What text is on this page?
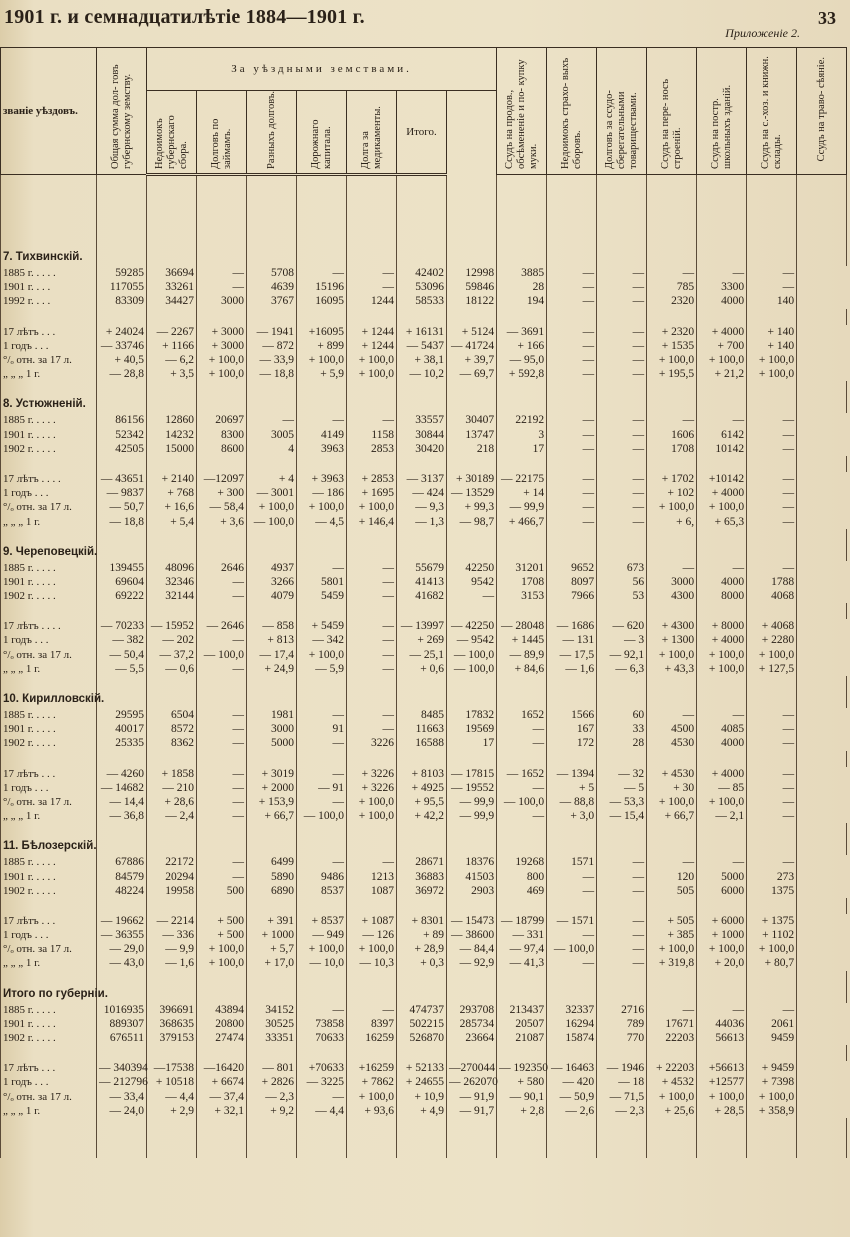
1901 г. и семнадцатилѣтіе 1884—1901 г.
Приложеніе 2.
33
званіе уѣздовъ.	Общая сумма дол- говъ губернскому земству.	За уѣздными земствами.							Ссудъ на продов., обсѣмененіе и по- купку муки.	Недоимокъ страхо- выхъ сборовъ.	Долговъ за ссудо- сберегательными товариществами.	Ссудъ на пере- носъ строеній.	Ссудъ на постр. школьныхъ зданій.	Ссудъ на с.-хоз. и книжн. склады.	Ссудъ на траво- сѣяніе.
		Недоимокъ губернскаго сбора.	Долговъ по займамъ.	Разныхъ долговъ.	Дорожнаго капитала.	Долга за медикаменты.	Итого.								

7. Тихвинскій.															
1885 г. . . . .	59285	36694	—	5708	—	—	42402	12998	3885	—	—	—	—	—	
1901 г. . . .	117055	33261	—	4639	15196	—	53096	59846	28	—	—	785	3300	—	
1992 г. . . .	83309	34427	3000	3767	16095	1244	58533	18122	194	—	—	2320	4000	140	

17 лѣтъ . . .	+ 24024	— 2267	+ 3000	— 1941	+16095	+ 1244	+ 16131	+ 5124	— 3691	—	—	+ 2320	+ 4000	+ 140	
1 годъ . . .	— 33746	+ 1166	+ 3000	— 872	+ 899	+ 1244	— 5437	— 41724	+ 166	—	—	+ 1535	+ 700	+ 140	
°/ₒ отн. за 17 л.	+ 40,5	— 6,2	+ 100,0	— 33,9	+ 100,0	+ 100,0	+ 38,1	+ 39,7	— 95,0	—	—	+ 100,0	+ 100,0	+ 100,0	
„ „ „ 1 г.	— 28,8	+ 3,5	+ 100,0	— 18,8	+ 5,9	+ 100,0	— 10,2	— 69,7	+ 592,8	—	—	+ 195,5	+ 21,2	+ 100,0	
8. Устюжненій.															
1885 г. . . . .	86156	12860	20697	—	—	—	33557	30407	22192	—	—	—	—	—	
1901 г. . . . .	52342	14232	8300	3005	4149	1158	30844	13747	3	—	—	1606	6142	—	
1902 г. . . . .	42505	15000	8600	4	3963	2853	30420	218	17	—	—	1708	10142	—	

17 лѣтъ . . . .	— 43651	+ 2140	—12097	+ 4	+ 3963	+ 2853	— 3137	+ 30189	— 22175	—	—	+ 1702	+10142	—	
1 годъ . . .	— 9837	+ 768	+ 300	— 3001	— 186	+ 1695	— 424	— 13529	+ 14	—	—	+ 102	+ 4000	—	
°/ₒ отн. за 17 л.	— 50,7	+ 16,6	— 58,4	+ 100,0	+ 100,0	+ 100,0	— 9,3	+ 99,3	— 99,9	—	—	+ 100,0	+ 100,0	—	
„ „ „ 1 г.	— 18,8	+ 5,4	+ 3,6	— 100,0	— 4,5	+ 146,4	— 1,3	— 98,7	+ 466,7	—	—	+ 6,	+ 65,3	—	
9. Череповецкій.															
1885 г. . . . .	139455	48096	2646	4937	—	—	55679	42250	31201	9652	673	—	—	—	
1901 г. . . . .	69604	32346	—	3266	5801	—	41413	9542	1708	8097	56	3000	4000	1788	
1902 г. . . . .	69222	32144	—	4079	5459	—	41682	—	3153	7966	53	4300	8000	4068	

17 лѣтъ . . . .	— 70233	— 15952	— 2646	— 858	+ 5459	—	— 13997	— 42250	— 28048	— 1686	— 620	+ 4300	+ 8000	+ 4068	
1 годъ . . .	— 382	— 202	—	+ 813	— 342	—	+ 269	— 9542	+ 1445	— 131	— 3	+ 1300	+ 4000	+ 2280	
°/ₒ отн. за 17 л.	— 50,4	— 37,2	— 100,0	— 17,4	+ 100,0	—	— 25,1	— 100,0	— 89,9	— 17,5	— 92,1	+ 100,0	+ 100,0	+ 100,0	
„ „ „ 1 г.	— 5,5	— 0,6	—	+ 24,9	— 5,9	—	+ 0,6	— 100,0	+ 84,6	— 1,6	— 6,3	+ 43,3	+ 100,0	+ 127,5	
10. Кирилловскій.															
1885 г. . . . .	29595	6504	—	1981	—	—	8485	17832	1652	1566	60	—	—	—	
1901 г. . . . .	40017	8572	—	3000	91	—	11663	19569	—	167	33	4500	4085	—	
1902 г. . . . .	25335	8362	—	5000	—	3226	16588	17	—	172	28	4530	4000	—	

17 лѣтъ . . .	— 4260	+ 1858	—	+ 3019	—	+ 3226	+ 8103	— 17815	— 1652	— 1394	— 32	+ 4530	+ 4000	—	
1 годъ . . .	— 14682	— 210	—	+ 2000	— 91	+ 3226	+ 4925	— 19552	—	+ 5	— 5	+ 30	— 85	—	
°/ₒ отн. за 17 л.	— 14,4	+ 28,6	—	+ 153,9	—	+ 100,0	+ 95,5	— 99,9	— 100,0	— 88,8	— 53,3	+ 100,0	+ 100,0	—	
„ „ „ 1 г.	— 36,8	— 2,4	—	+ 66,7	— 100,0	+ 100,0	+ 42,2	— 99,9	—	+ 3,0	— 15,4	+ 66,7	— 2,1	—	
11. Бѣлозерскій.															
1885 г. . . . .	67886	22172	—	6499	—	—	28671	18376	19268	1571	—	—	—	—	
1901 г. . . . .	84579	20294	—	5890	9486	1213	36883	41503	800	—	—	120	5000	273	
1902 г. . . . .	48224	19958	500	6890	8537	1087	36972	2903	469	—	—	505	6000	1375	

17 лѣтъ . . .	— 19662	— 2214	+ 500	+ 391	+ 8537	+ 1087	+ 8301	— 15473	— 18799	— 1571	—	+ 505	+ 6000	+ 1375	
1 годъ . . .	— 36355	— 336	+ 500	+ 1000	— 949	— 126	+ 89	— 38600	— 331	—	—	+ 385	+ 1000	+ 1102	
°/ₒ отн. за 17 л.	— 29,0	— 9,9	+ 100,0	+ 5,7	+ 100,0	+ 100,0	+ 28,9	— 84,4	— 97,4	— 100,0	—	+ 100,0	+ 100,0	+ 100,0	
„ „ „ 1 г.	— 43,0	— 1,6	+ 100,0	+ 17,0	— 10,0	— 10,3	+ 0,3	— 92,9	— 41,3	—	—	+ 319,8	+ 20,0	+ 80,7	
Итого по губерніи.															
1885 г. . . . .	1016935	396691	43894	34152	—	—	474737	293708	213437	32337	2716	—	—	—	
1901 г. . . . .	889307	368635	20800	30525	73858	8397	502215	285734	20507	16294	789	17671	44036	2061	
1902 г. . . . .	676511	379153	27474	33351	70633	16259	526870	23664	21087	15874	770	22203	56613	9459	

17 лѣтъ . . .	— 340394	—17538	—16420	— 801	+70633	+16259	+ 52133	—270044	— 192350	— 16463	— 1946	+ 22203	+56613	+ 9459	
1 годъ . . .	— 212796	+ 10518	+ 6674	+ 2826	— 3225	+ 7862	+ 24655	— 262070	+ 580	— 420	— 18	+ 4532	+12577	+ 7398	
°/ₒ отн. за 17 л.	— 33,4	— 4,4	— 37,4	— 2,3	—	+ 100,0	+ 10,9	— 91,9	— 90,1	— 50,9	— 71,5	+ 100,0	+ 100,0	+ 100,0	
„ „ „ 1 г.	— 24,0	+ 2,9	+ 32,1	+ 9,2	— 4,4	+ 93,6	+ 4,9	— 91,7	+ 2,8	— 2,6	— 2,3	+ 25,6	+ 28,5	+ 358,9	
